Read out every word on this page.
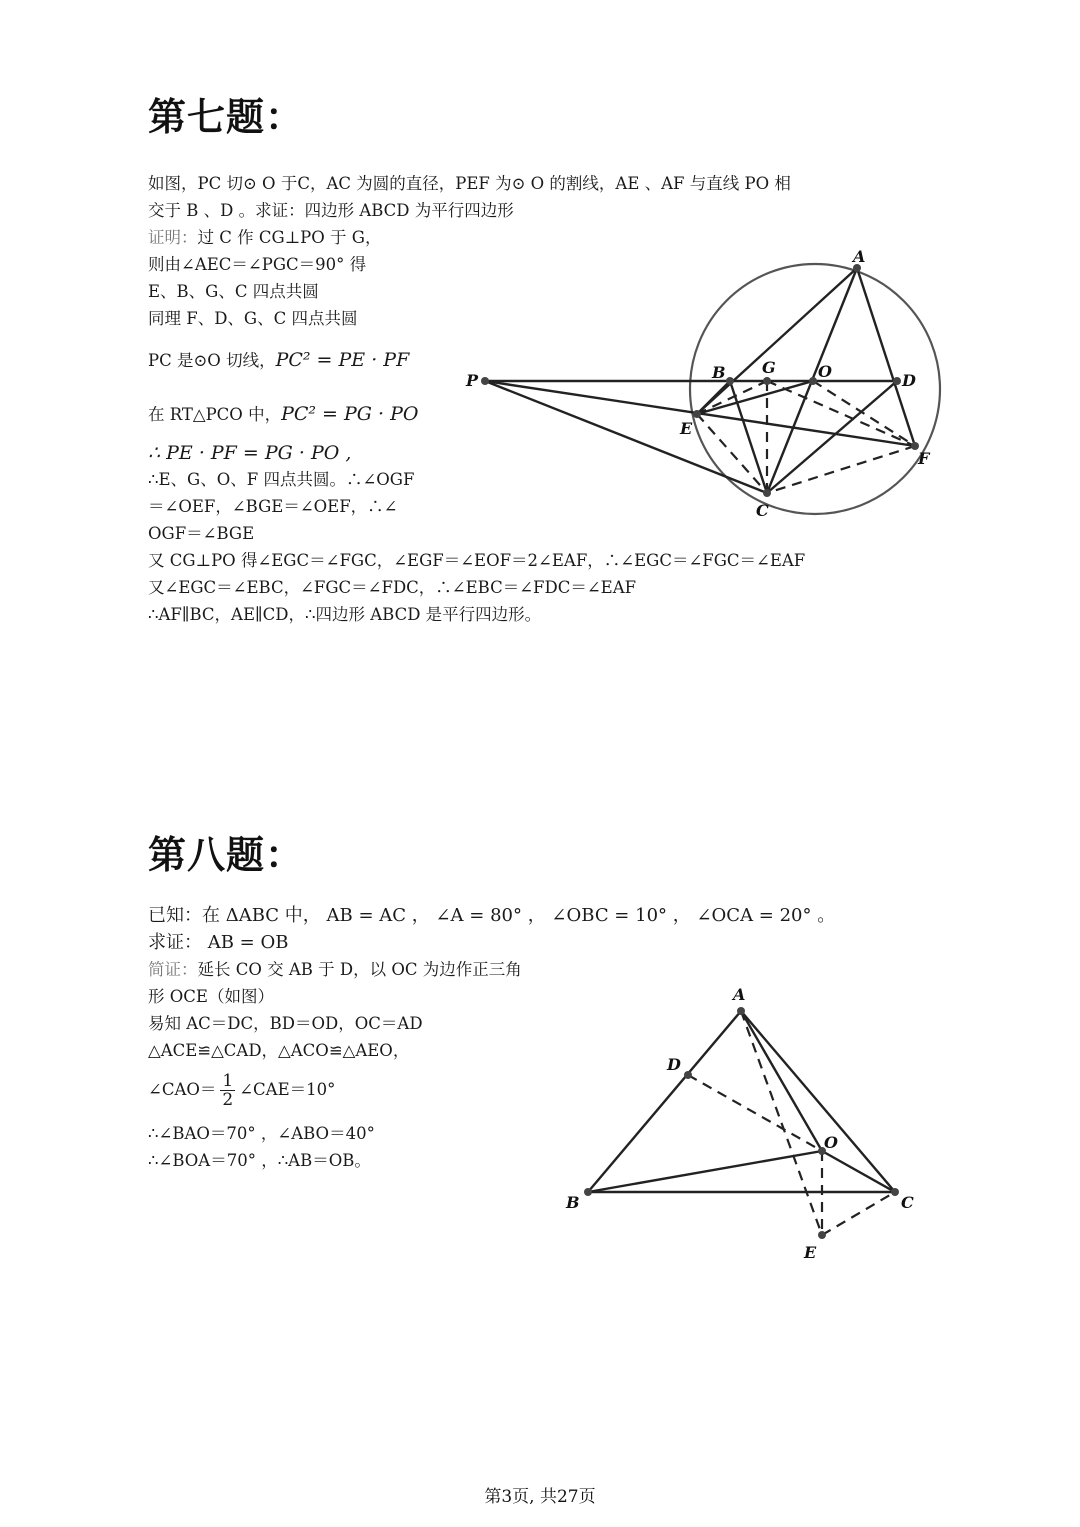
第七题：
如图，PC 切⊙ O 于C，AC 为圆的直径，PEF 为⊙ O 的割线，AE 、AF 与直线 PO 相
交于 B 、D 。求证：四边形 ABCD 为平行四边形
证明：过 C 作 CG⊥PO 于 G，
则由∠AEC＝∠PGC＝90° 得
E、B、G、C 四点共圆
同理 F、D、G、C 四点共圆
PC 是⊙O 切线，PC² = PE · PF
在 RT△PCO 中，PC² = PG · PO
∴ PE · PF = PG · PO ,
∴E、G、O、F 四点共圆。∴∠OGF
＝∠OEF，∠BGE＝∠OEF，∴∠
OGF＝∠BGE
又 CG⊥PO 得∠EGC＝∠FGC，∠EGF＝∠EOF＝2∠EAF，∴∠EGC＝∠FGC＝∠EAF
又∠EGC＝∠EBC，∠FGC＝∠FDC，∴∠EBC＝∠FDC＝∠EAF
∴AF∥BC，AE∥CD，∴四边形 ABCD 是平行四边形。
A
B G	O	D
P
E
F
C
第八题：
已知：在 ΔABC 中， AB = AC ， ∠A = 80° ， ∠OBC = 10° ， ∠OCA = 20° 。
求证： AB = OB
简证：延长 CO 交 AB 于 D，以 OC 为边作正三角
形 OCE（如图）
易知 AC＝DC，BD＝OD，OC＝AD
△ACE≌△CAD，△ACO≌△AEO，
∠CAO＝ $\frac{1}{2}$ ∠CAE＝10°
∴∠BAO＝70° ，∠ABO＝40°
∴∠BOA＝70° ，∴AB＝OB。
A
D
O
B	C
E
第3页, 共27页
